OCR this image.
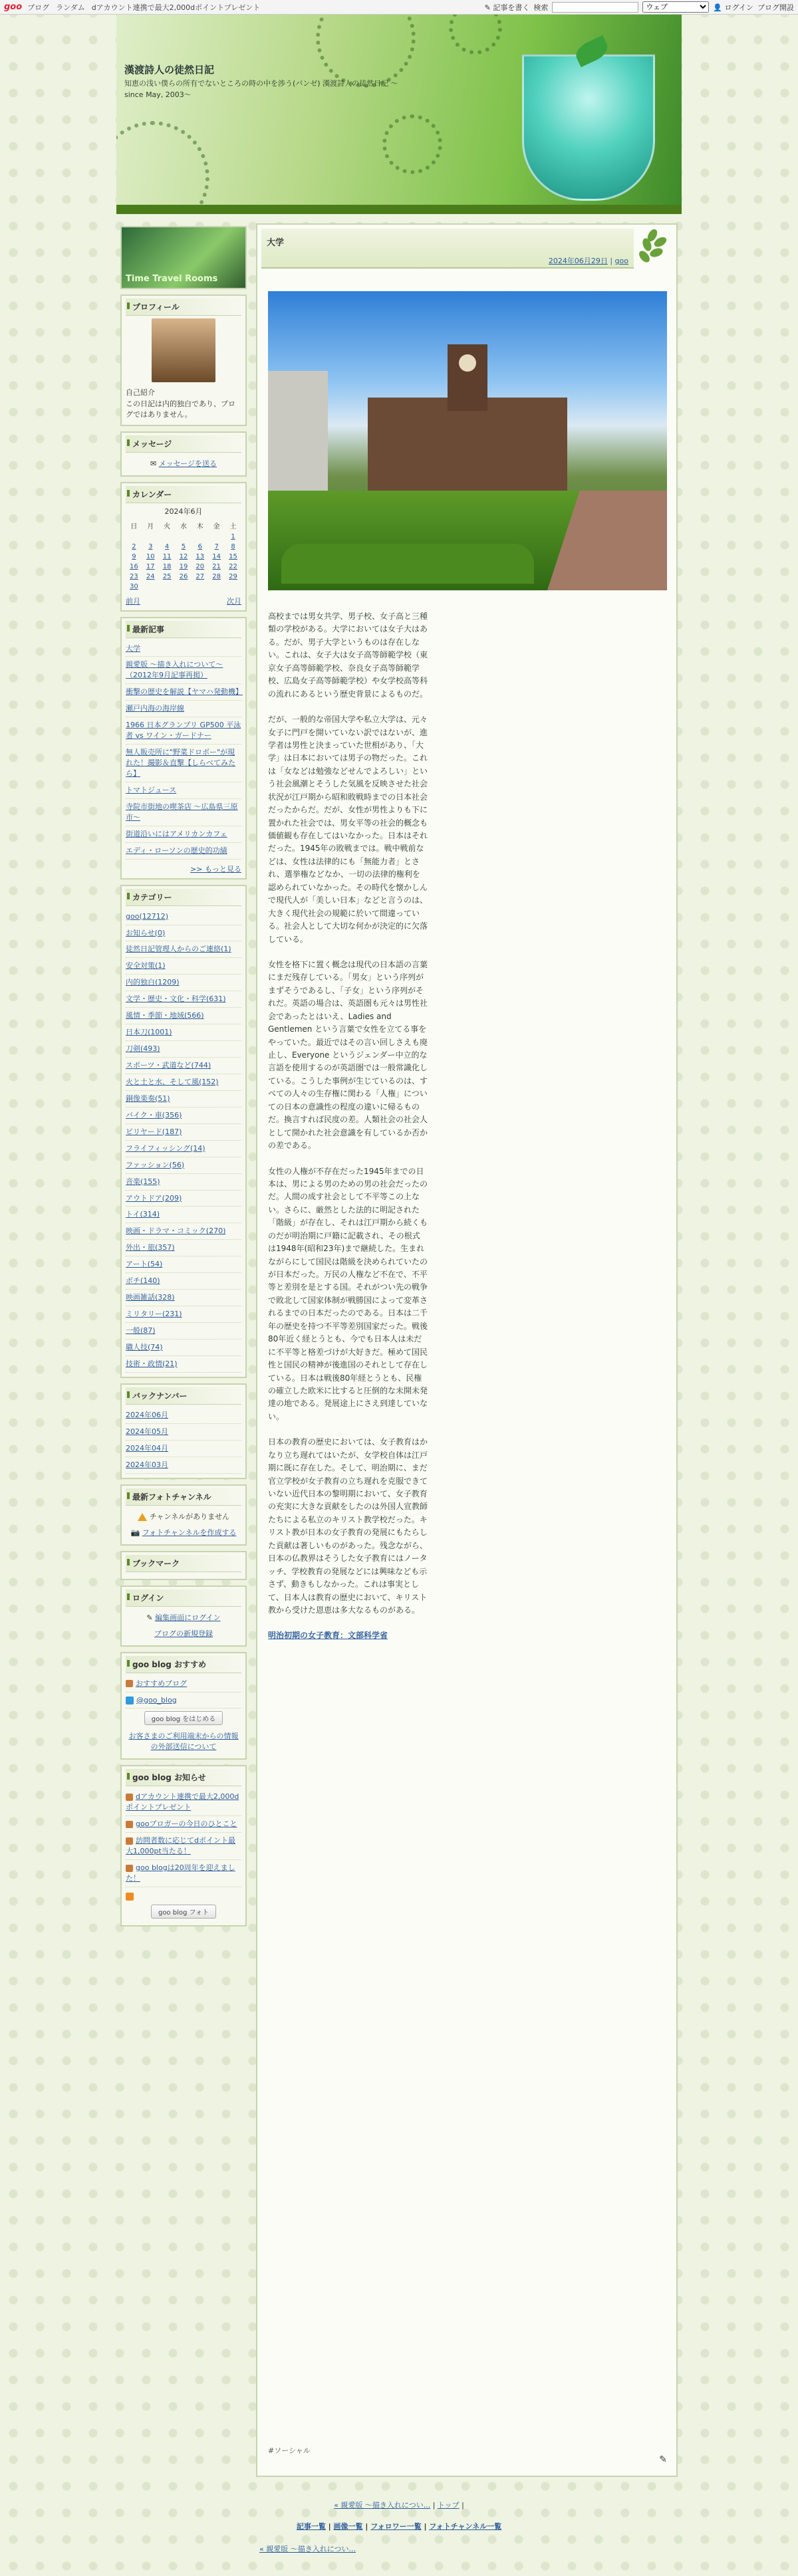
goo ブログ ランダム dアカウント連携で最大2,000dポイントプレゼント	✎ 記事を書く 検索
ウェブ	👤 ログイン ブログ開設
漢渡詩人の徒然日記
知恵の浅い僕らの所有でないところの時の中を渉う(バンゼ) 漢渡詩人の徒然日記 〜since May, 2003〜
Time Travel Rooms
プロフィール
自己紹介
この日記は内的独白であり、ブログではありません。
メッセージ
✉ メッセージを送る
カレンダー
2024年6月
日	月	火	水	木	金	土
						1
2	3	4	5	6	7	8
9	10	11	12	13	14	15
16	17	18	19	20	21	22
23	24	25	26	27	28	29
30						
前月	次月
最新記事
大学
親愛版 〜描き入れについて〜（2012年9月記事再掲）
衝撃の歴史を解説【ヤマハ発動機】
瀬戸内海の海岸線
1966 日本グランプリ GP500 平泳者 vs ワイン・ガードナー
無人販売所に"野菜ドロボー"が現れた！撮影＆直撃【しらべてみたら】
トマトジュース
寺院市街地の喫茶店 〜広島県三原市〜
街道沿いにはアメリカンカフェ
エディ・ローソンの歴史的功績
>> もっと見る
カテゴリー
goo(12712)
お知らせ(0)
徒然日記管理人からのご連絡(1)
安全対策(1)
内的独白(1209)
文学・歴史・文化・科学(631)
風情・季節・地域(566)
日本刀(1001)
刀剣(493)
スポーツ・武道など(744)
火と土と水、そして風(152)
銅像楽奏(51)
バイク・車(356)
ビリヤード(187)
フライフィッシング(14)
ファッション(56)
音楽(155)
アウトドア(209)
トイ(314)
映画・ドラマ・コミック(270)
外出・旅(357)
アート(54)
ボチ(140)
映画雑話(328)
ミリタリー(231)
一般(87)
職人技(74)
技術・政情(21)
バックナンバー
2024年06月
2024年05月
2024年04月
2024年03月
最新フォトチャンネル
チャンネルがありません
📷 フォトチャンネルを作成する
ブックマーク
ログイン
✎ 編集画面にログイン
ブログの新規登録
goo blog おすすめ
おすすめブログ
@goo_blog
goo blog をはじめる
お客さまのご利用端末からの情報の外部送信について
goo blog お知らせ
dアカウント連携で最大2,000dポイントプレゼント
gooブロガーの今日のひとこと
訪問者数に応じてdポイント最大1,000pt当たる！
goo blogは20周年を迎えました！
goo blog フォト
大学
2024年06月29日 | goo

高校までは男女共学、男子校、女子高と三種類の学校がある。大学においては女子大はある。だが、男子大学というものは存在しない。これは、女子大は女子高等師範学校（東京女子高等師範学校、奈良女子高等師範学校、広島女子高等師範学校）や女学校高等科の流れにあるという歴史背景によるものだ。

だが、一般的な帝国大学や私立大学は、元々女子に門戸を開いていない訳ではないが、進学者は男性と決まっていた世相があり、「大学」は日本においては男子の物だった。これは「女などは勉強などせんでよろしい」という社会風潮とそうした気風を反映させた社会状況が江戸期から昭和敗戦時までの日本社会だったからだ。だが、女性が男性よりも下に置かれた社会では、男女平等の社会的概念も価値観も存在してはいなかった。日本はそれだった。1945年の敗戦までは。戦中戦前などは、女性は法律的にも「無能力者」とされ、選挙権などなか、一切の法律的権利を認められていなかった。その時代を懐かしんで現代人が「美しい日本」などと言うのは、大きく現代社会の規範に於いて間違っている。社会人として大切な何かが決定的に欠落している。

女性を格下に置く概念は現代の日本語の言葉にまだ残存している。「男女」という序列がまずそうであるし、「子女」という序列がそれだ。英語の場合は、英語圏も元々は男性社会であったとはいえ、Ladies and Gentlemen という言葉で女性を立てる事をやっていた。最近ではその言い回しさえも廃止し、Everyone というジェンダー中立的な言語を使用するのが英語圏では一般常識化している。こうした事例が生じているのは、すべての人々の生存権に関わる「人権」についての日本の意識性の程度の違いに帰るものだ。換言すれば民度の差。人類社会の社会人として開かれた社会意識を有しているか否かの差である。

女性の人権が不存在だった1945年までの日本は、男による男のための男の社会だったのだ。人間の成す社会として不平等この上ない。さらに、厳然とした法的に明記された「階級」が存在し、それは江戸期から続くものだが明治期に戸籍に記載され、その根式は1948年(昭和23年)まで継続した。生まれながらにして国民は階級を決められていたのが日本だった。万民の人権など不在で、不平等と差別を是とする国。それがつい先の戦争で敗北して国家体制が戦勝国によって変革されるまでの日本だったのである。日本は二千年の歴史を持つ不平等差別国家だった。戦後80年近く経とうとも、今でも日本人は未だに不平等と格差づけが大好きだ。極めて国民性と国民の精神が後進国のそれとして存在している。日本は戦後80年経とうとも、民権の確立した欧米に比すると圧倒的な未開未発達の地である。発展途上にさえ到達していない。

日本の教育の歴史においては、女子教育はかなり立ち遅れてはいたが、女学校自体は江戸期に既に存在した。そして、明治期に、まだ官立学校が女子教育の立ち遅れを克服できていない近代日本の黎明期において、女子教育の充実に大きな貢献をしたのは外国人宣教師たちによる私立のキリスト教学校だった。キリスト教が日本の女子教育の発展にもたらした貢献は著しいものがあった。残念ながら、日本の仏教界はそうした女子教育にはノータッチ、学校教育の発展などには興味なども示さず、動きもしなかった。これは事実として、日本人は教育の歴史において、キリスト教から受けた恩恵は多大なるものがある。

明治初期の女子教育：文部科学省
#ソーシャル
✎
« 親愛版 〜描き入れについ... | トップ |
記事一覧 | 画像一覧 | フォロワー一覧 | フォトチャンネル一覧
« 親愛版 〜描き入れについ...
